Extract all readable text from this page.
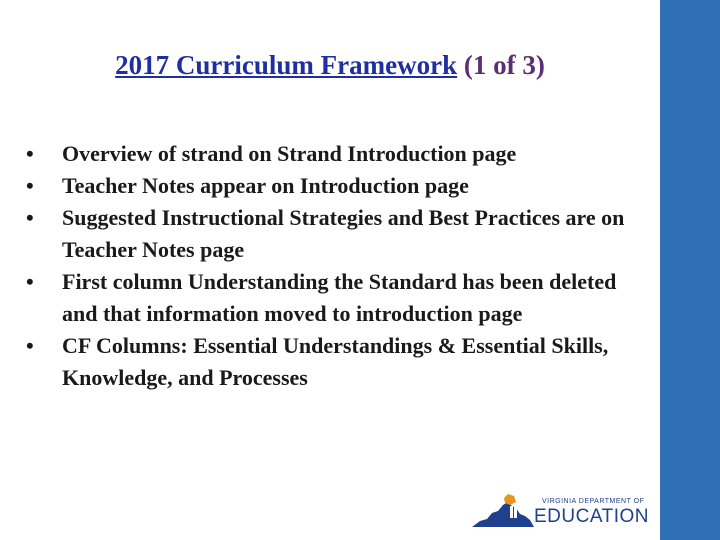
2017 Curriculum Framework (1 of 3)
• Overview of strand on Strand Introduction page
• Teacher Notes appear on Introduction page
• Suggested Instructional Strategies and Best Practices are on Teacher Notes page
• First column Understanding the Standard has been deleted and that information moved to introduction page
• CF Columns: Essential Understandings & Essential Skills, Knowledge, and Processes
VIRGINIA DEPARTMENT OF
EDUCATION
